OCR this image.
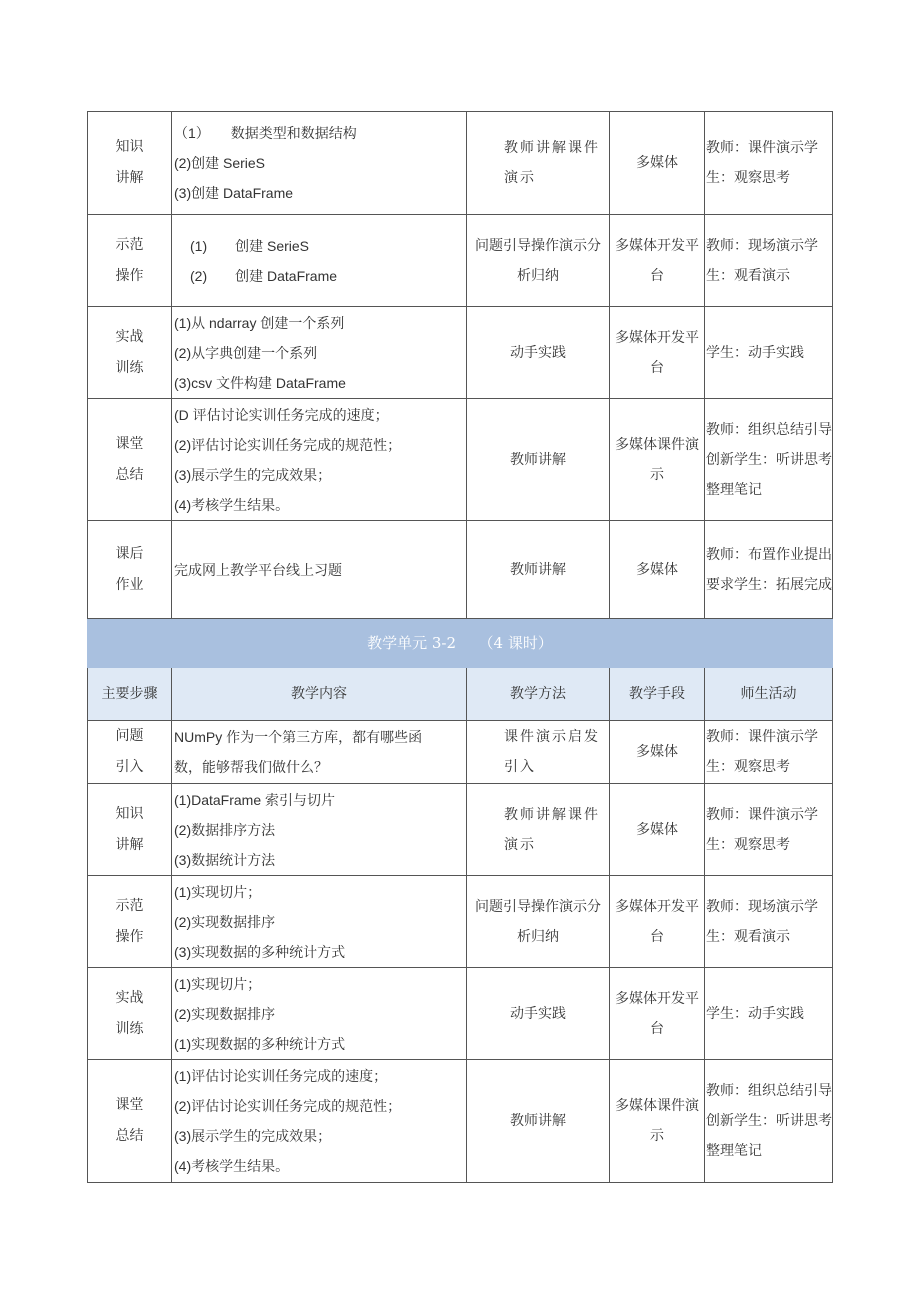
知识讲解	（1）　　数据类型和数据结构
(2)创建 SerieS
(3)创建 DataFrame	教师讲解课件演示	多媒体	教师：课件演示学生：观察思考
示范操作	(1)　　创建 SerieS
(2)　　创建 DataFrame	问题引导操作演示分析归纳	多媒体开发平台	教师：现场演示学生：观看演示
实战训练	(1)从 ndarray 创建一个系列
(2)从字典创建一个系列
(3)csv 文件构建 DataFrame	动手实践	多媒体开发平台	学生：动手实践
课堂总结	(D 评估讨论实训任务完成的速度；
(2)评估讨论实训任务完成的规范性；
(3)展示学生的完成效果；
(4)考核学生结果。	教师讲解	多媒体课件演示	教师：组织总结引导创新学生：听讲思考整理笔记
课后作业	完成网上教学平台线上习题	教师讲解	多媒体	教师：布置作业提出要求学生：拓展完成
教学单元 3-2　　（4 课时）				
主要步骤	教学内容	教学方法	教学手段	师生活动
问题引入	NUmPy 作为一个第三方库，都有哪些函
数，能够帮我们做什么？	课件演示启发引入	多媒体	教师：课件演示学生：观察思考
知识讲解	(1)DataFrame 索引与切片
(2)数据排序方法
(3)数据统计方法	教师讲解课件演示	多媒体	教师：课件演示学生：观察思考
示范操作	(1)实现切片；
(2)实现数据排序
(3)实现数据的多种统计方式	问题引导操作演示分析归纳	多媒体开发平台	教师：现场演示学生：观看演示
实战训练	(1)实现切片；
(2)实现数据排序
(1)实现数据的多种统计方式	动手实践	多媒体开发平台	学生：动手实践
课堂总结	(1)评估讨论实训任务完成的速度；
(2)评估讨论实训任务完成的规范性；
(3)展示学生的完成效果；
(4)考核学生结果。	教师讲解	多媒体课件演示	教师：组织总结引导创新学生：听讲思考整理笔记
